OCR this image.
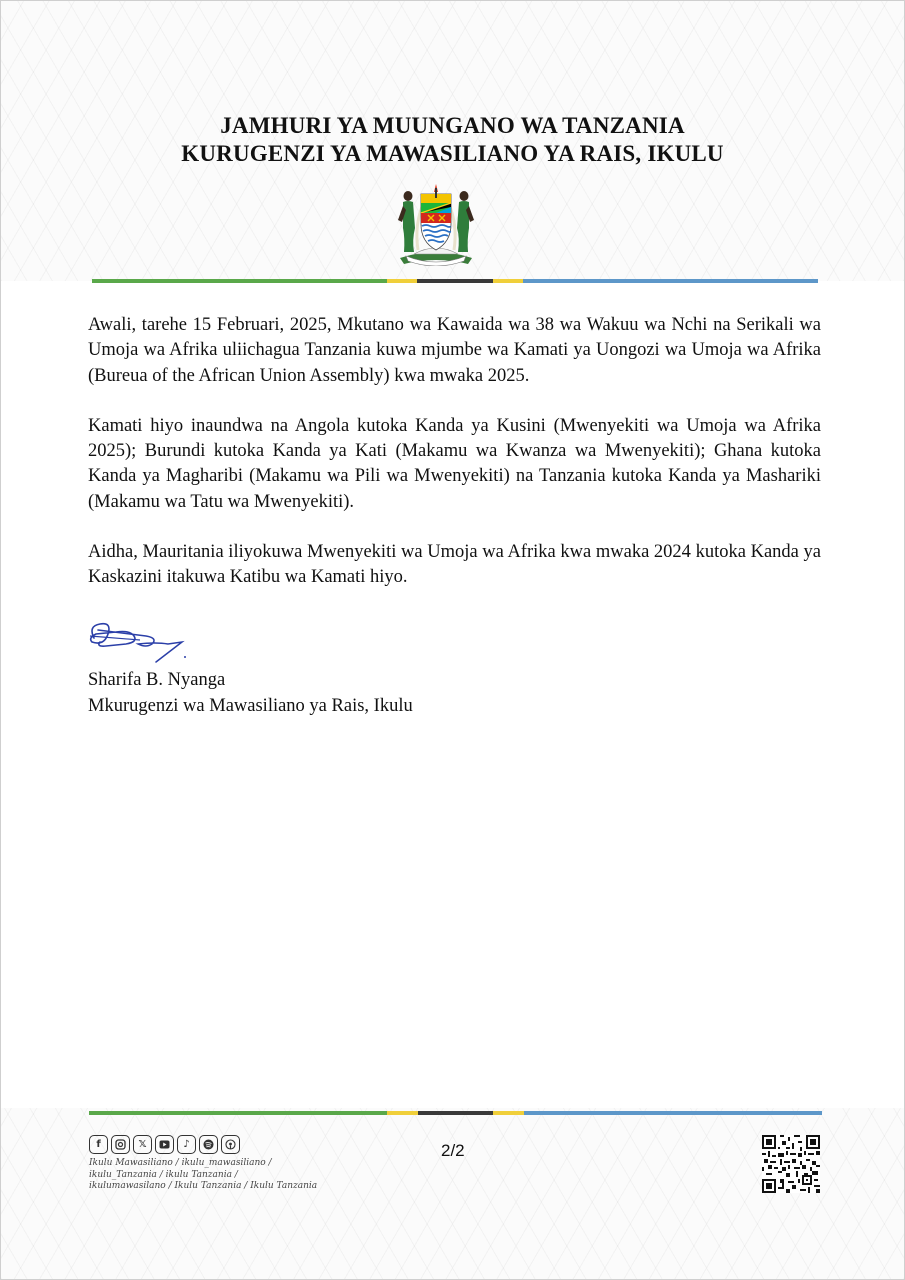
JAMHURI YA MUUNGANO WA TANZANIA
KURUGENZI YA MAWASILIANO YA RAIS, IKULU

Awali, tarehe 15 Februari, 2025, Mkutano wa Kawaida wa 38 wa Wakuu wa Nchi na Serikali wa Umoja wa Afrika uliichagua Tanzania kuwa mjumbe wa Kamati ya Uongozi wa Umoja wa Afrika (Bureua of the African Union Assembly) kwa mwaka 2025.

Kamati hiyo inaundwa na Angola kutoka Kanda ya Kusini (Mwenyekiti wa Umoja wa Afrika 2025); Burundi kutoka Kanda ya Kati (Makamu wa Kwanza wa Mwenyekiti); Ghana kutoka Kanda ya Magharibi (Makamu wa Pili wa Mwenyekiti) na Tanzania kutoka Kanda ya Mashariki (Makamu wa Tatu wa Mwenyekiti).

Aidha, Mauritania iliyokuwa Mwenyekiti wa Umoja wa Afrika kwa mwaka 2024 kutoka Kanda ya Kaskazini itakuwa Katibu wa Kamati hiyo.

Sharifa B. Nyanga
Mkurugenzi wa Mawasiliano ya Rais, Ikulu
f	𝕏	♪
Ikulu Mawasiliano / ikulu_mawasiliano /
ikulu_Tanzania / ikulu Tanzania /
ikulumawasilano / Ikulu Tanzania / Ikulu Tanzania
2/2
